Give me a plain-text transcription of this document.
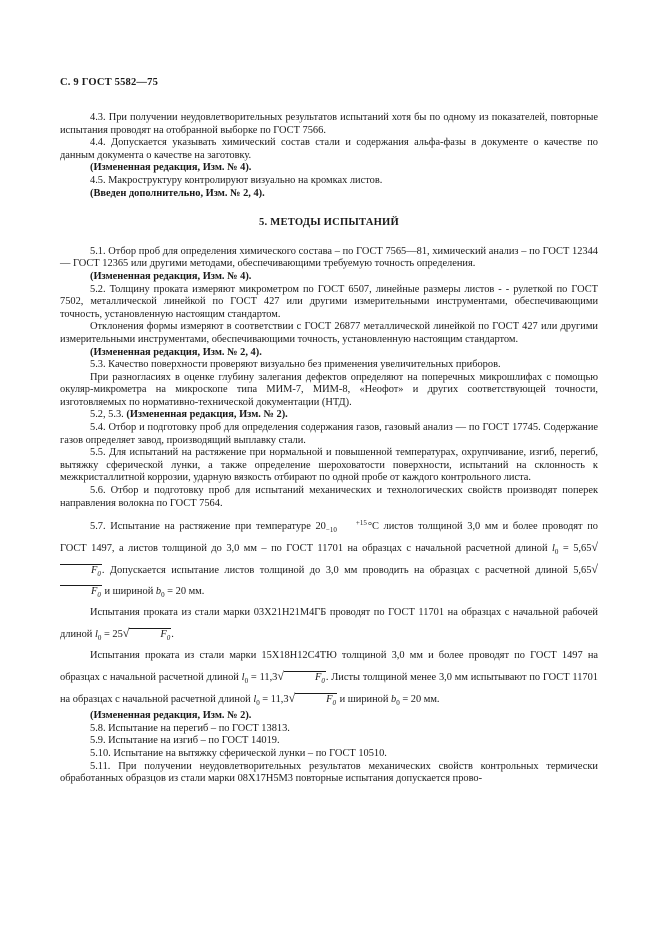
С. 9 ГОСТ 5582—75

4.3. При получении неудовлетворительных результатов испытаний хотя бы по одному из показателей, повторные испытания проводят на отобранной выборке по ГОСТ 7566.

4.4. Допускается указывать химический состав стали и содержания альфа-фазы в документе о качестве по данным документа о качестве на заготовку.

(Измененная редакция, Изм. № 4).

4.5. Макроструктуру контролируют визуально на кромках листов.

(Введен дополнительно, Изм. № 2, 4).

5. МЕТОДЫ ИСПЫТАНИЙ

5.1. Отбор проб для определения химического состава – по ГОСТ 7565—81, химический анализ – по ГОСТ 12344 — ГОСТ 12365 или другими методами, обеспечивающими требуемую точность определения.

(Измененная редакция, Изм. № 4).

5.2. Толщину проката измеряют микрометром по ГОСТ 6507, линейные размеры листов - - рулеткой по ГОСТ 7502, металлической линейкой по ГОСТ 427 или другими измерительными инструментами, обеспечивающими точность, установленную настоящим стандартом.

Отклонения формы измеряют в соответствии с ГОСТ 26877 металлической линейкой по ГОСТ 427 или другими измерительными инструментами, обеспечивающими точность, установленную настоящим стандартом.

(Измененная редакция, Изм. № 2, 4).

5.3. Качество поверхности проверяют визуально без применения увеличительных приборов.

При разногласиях в оценке глубину залегания дефектов определяют на поперечных микрошлифах с помощью окуляр-микрометра на микроскопе типа МИМ-7, МИМ-8, «Неофот» и других соответствующей точности, изготовляемых по нормативно-технической документации (НТД).

5.2, 5.3. (Измененная редакция, Изм. № 2).

5.4. Отбор и подготовку проб для определения содержания газов, газовый анализ — по ГОСТ 17745. Содержание газов определяет завод, производящий выплавку стали.

5.5. Для испытаний на растяжение при нормальной и повышенной температурах, охрупчивание, изгиб, перегиб, вытяжку сферической лунки, а также определение шероховатости поверхности, испытаний на склонность к межкристаллитной коррозии, ударную вязкость отбирают по одной пробе от каждого контрольного листа.

5.6. Отбор и подготовку проб для испытаний механических и технологических свойств производят поперек направления волокна по ГОСТ 7564.

5.7. Испытание на растяжение при температуре 20	+15
−10	°С листов толщиной 3,0 мм и более проводят по ГОСТ 1497, а листов толщиной до 3,0 мм – по ГОСТ 11701 на образцах с начальной расчетной длиной $l_0 = 5,65√F_0$. Допускается испытание листов толщиной до 3,0 мм проводить на образцах с расчетной длиной $5,65√F_0$ и шириной $b_0 = 20$ мм.

Испытания проката из стали марки 03Х21Н21М4ГБ проводят по ГОСТ 11701 на образцах с начальной рабочей длиной $l_0 = 25√$	$F_0$.

Испытания проката из стали марки 15Х18Н12С4ТЮ толщиной 3,0 мм и более проводят по ГОСТ 1497 на образцах с начальной расчетной длиной $l_0 = 11,3√$	$F_0$. Листы толщиной менее 3,0 мм испытывают по ГОСТ 11701 на образцах с начальной расчетной длиной $l_0 = 11,3√$	$F_0$ и шириной $b_0 = 20$ мм.

(Измененная редакция, Изм. № 2).

5.8. Испытание на перегиб – по ГОСТ 13813.

5.9. Испытание на изгиб – по ГОСТ 14019.

5.10. Испытание на вытяжку сферической лунки – по ГОСТ 10510.

5.11. При получении неудовлетворительных результатов механических свойств контрольных термически обработанных образцов из стали марки 08Х17Н5М3 повторные испытания допускается прово-
